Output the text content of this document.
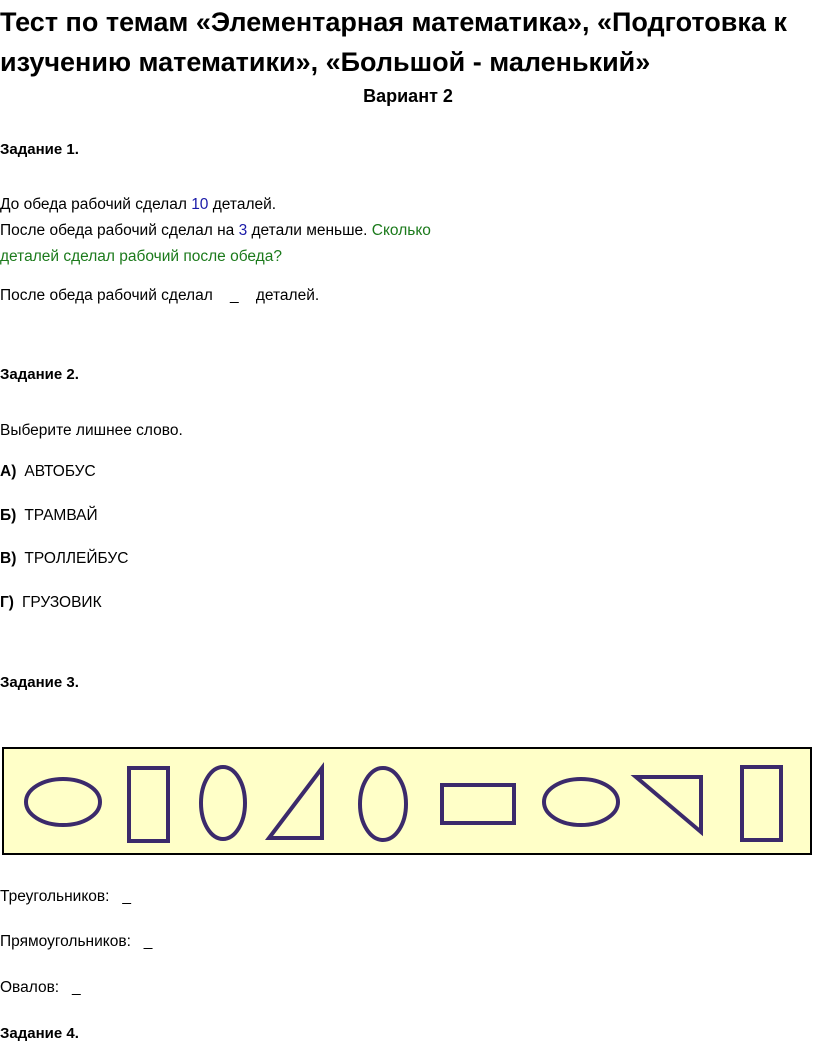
Тест по темам «Элементарная математика», «Подготовка к изучению математики», «Большой - маленький»
Вариант 2
Задание 1.
До обеда рабочий сделал 10 деталей.
После обеда рабочий сделал на 3 детали меньше. Сколько деталей сделал рабочий после обеда?
После обеда рабочий сделал    _    деталей.
Задание 2.
Выберите лишнее слово.
А) АВТОБУС
Б) ТРАМВАЙ
В) ТРОЛЛЕЙБУС
Г) ГРУЗОВИК
Задание 3.
Треугольников:   _
Прямоугольников:   _
Овалов:   _
Задание 4.
